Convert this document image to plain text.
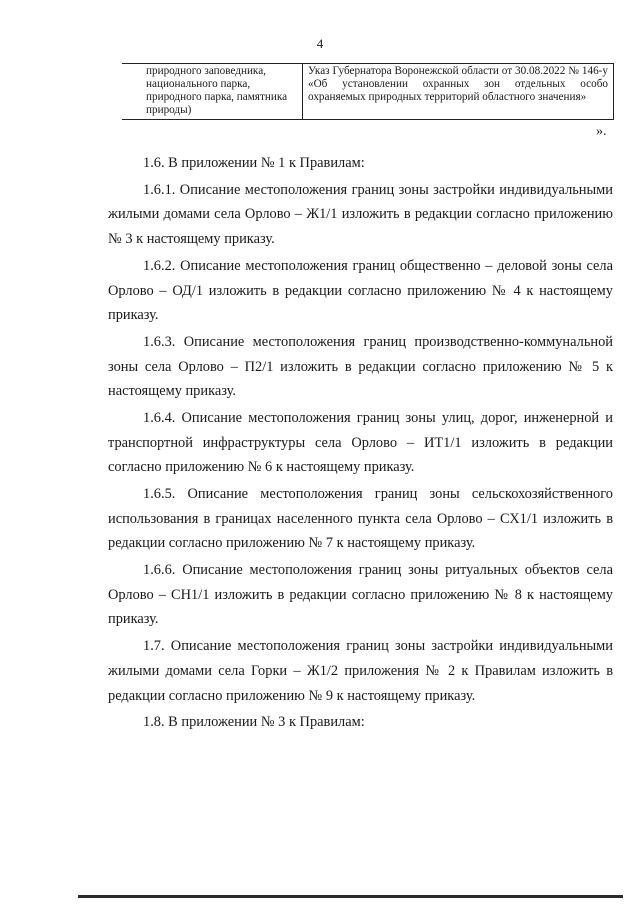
4
природного заповедника, национального парка, природного парка, памятника природы)	Указ Губернатора Воронежской области от 30.08.2022 № 146-у «Об установлении охранных зон отдельных особо охраняемых природных территорий областного значения»
».

1.6. В приложении № 1 к Правилам:

1.6.1. Описание местоположения границ зоны застройки индивидуальными жилыми домами села Орлово – Ж1/1 изложить в редакции согласно приложению № 3 к настоящему приказу.

1.6.2. Описание местоположения границ общественно – деловой зоны села Орлово – ОД/1 изложить в редакции согласно приложению № 4 к настоящему приказу.

1.6.3. Описание местоположения границ производственно-коммунальной зоны села Орлово – П2/1 изложить в редакции согласно приложению № 5 к настоящему приказу.

1.6.4. Описание местоположения границ зоны улиц, дорог, инженерной и транспортной инфраструктуры села Орлово – ИТ1/1 изложить в редакции согласно приложению № 6 к настоящему приказу.

1.6.5. Описание местоположения границ зоны сельскохозяйственного использования в границах населенного пункта села Орлово – СХ1/1 изложить в редакции согласно приложению № 7 к настоящему приказу.

1.6.6. Описание местоположения границ зоны ритуальных объектов села Орлово – СН1/1 изложить в редакции согласно приложению № 8 к настоящему приказу.

1.7. Описание местоположения границ зоны застройки индивидуальными жилыми домами села Горки – Ж1/2 приложения № 2 к Правилам изложить в редакции согласно приложению № 9 к настоящему приказу.

1.8. В приложении № 3 к Правилам:
